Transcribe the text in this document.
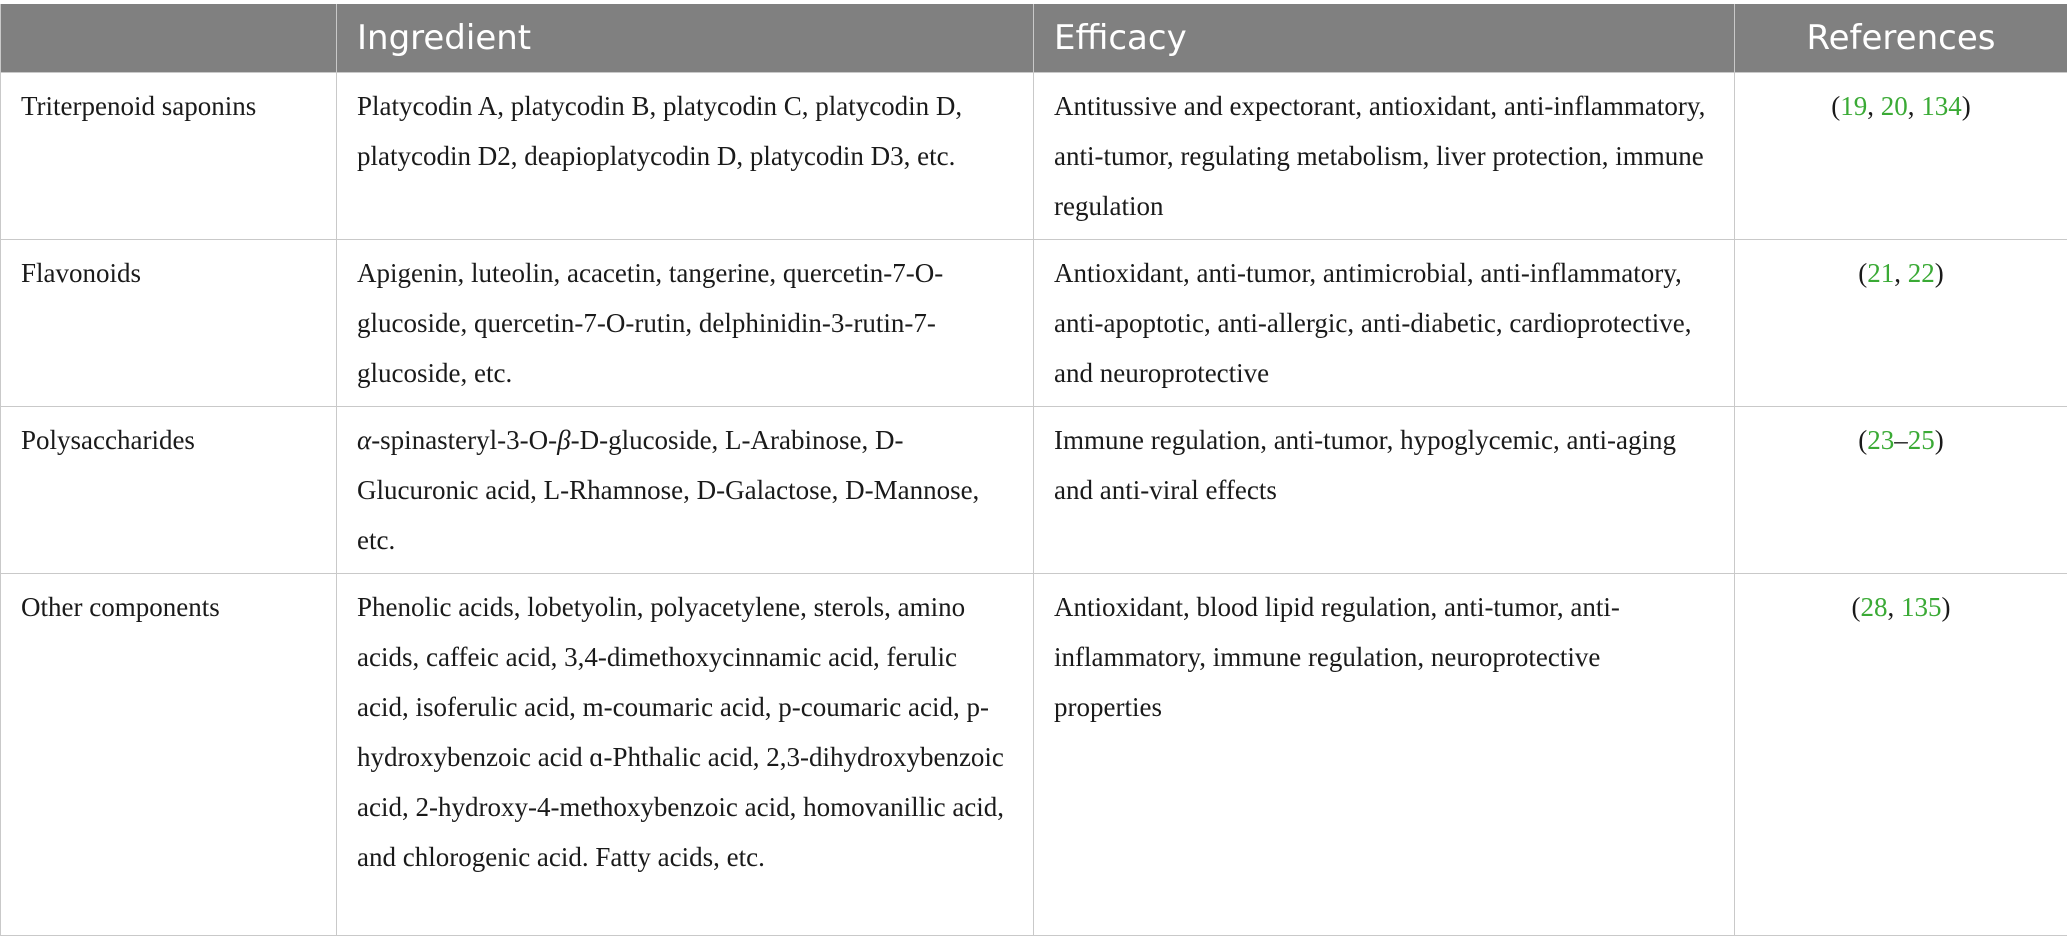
	Ingredient	Efficacy	References
Triterpenoid saponins	Platycodin A, platycodin B, platycodin C, platycodin D, platycodin D2, deapioplatycodin D, platycodin D3, etc.	Antitussive and expectorant, antioxidant, anti-inflammatory, anti-tumor, regulating metabolism, liver protection, immune regulation	(19, 20, 134)
Flavonoids	Apigenin, luteolin, acacetin, tangerine, quercetin-7-O-glucoside, quercetin-7-O-rutin, delphinidin-3-rutin-7-glucoside, etc.	Antioxidant, anti-tumor, antimicrobial, anti-inflammatory, anti-apoptotic, anti-allergic, anti-diabetic, cardioprotective, and neuroprotective	(21, 22)
Polysaccharides	α-spinasteryl-3-O-β-D-glucoside, L-Arabinose, D-Glucuronic acid, L-Rhamnose, D-Galactose, D-Mannose, etc.	Immune regulation, anti-tumor, hypoglycemic, anti-aging and anti-viral effects	(23–25)
Other components	Phenolic acids, lobetyolin, polyacetylene, sterols, amino acids, caffeic acid, 3,4-dimethoxycinnamic acid, ferulic acid, isoferulic acid, m-coumaric acid, p-coumaric acid, p-hydroxybenzoic acid ɑ-Phthalic acid, 2,3-dihydroxybenzoic acid, 2-hydroxy-4-methoxybenzoic acid, homovanillic acid, and chlorogenic acid. Fatty acids, etc.	Antioxidant, blood lipid regulation, anti-tumor, anti-inflammatory, immune regulation, neuroprotective properties	(28, 135)
